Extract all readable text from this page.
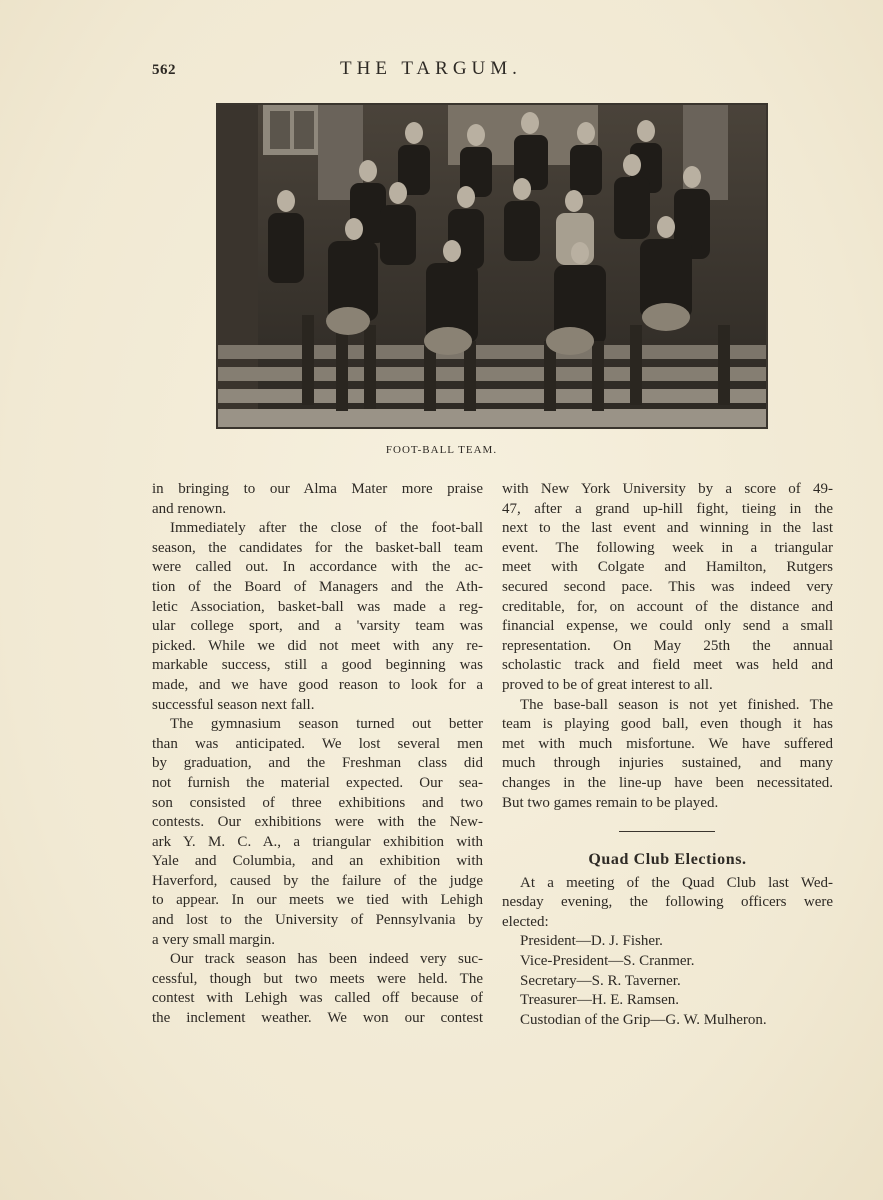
562	THE TARGUM.
FOOT-BALL TEAM.

in bringing to our Alma Mater more praise
and renown.

Immediately after the close of the foot-ball
season, the candidates for the basket-ball team
were called out. In accordance with the ac-
tion of the Board of Managers and the Ath-
letic Association, basket-ball was made a reg-
ular college sport, and a 'varsity team was
picked. While we did not meet with any re-
markable success, still a good beginning was
made, and we have good reason to look for a
successful season next fall.

The gymnasium season turned out better
than was anticipated. We lost several men
by graduation, and the Freshman class did
not furnish the material expected. Our sea-
son consisted of three exhibitions and two
contests. Our exhibitions were with the New-
ark Y. M. C. A., a triangular exhibition with
Yale and Columbia, and an exhibition with
Haverford, caused by the failure of the judge
to appear. In our meets we tied with Lehigh
and lost to the University of Pennsylvania by
a very small margin.

Our track season has been indeed very suc-
cessful, though but two meets were held. The
contest with Lehigh was called off because of
the inclement weather. We won our contest

with New York University by a score of 49-
47, after a grand up-hill fight, tieing in the
next to the last event and winning in the last
event. The following week in a triangular
meet with Colgate and Hamilton, Rutgers
secured second pace. This was indeed very
creditable, for, on account of the distance and
financial expense, we could only send a small
representation. On May 25th the annual
scholastic track and field meet was held and
proved to be of great interest to all.

The base-ball season is not yet finished. The
team is playing good ball, even though it has
met with much misfortune. We have suffered
much through injuries sustained, and many
changes in the line-up have been necessitated.
But two games remain to be played.

Quad Club Elections.

At a meeting of the Quad Club last Wed-
nesday evening, the following officers were
elected:

President—D. J. Fisher.
Vice-President—S. Cranmer.
Secretary—S. R. Taverner.
Treasurer—H. E. Ramsen.
Custodian of the Grip—G. W. Mulheron.
